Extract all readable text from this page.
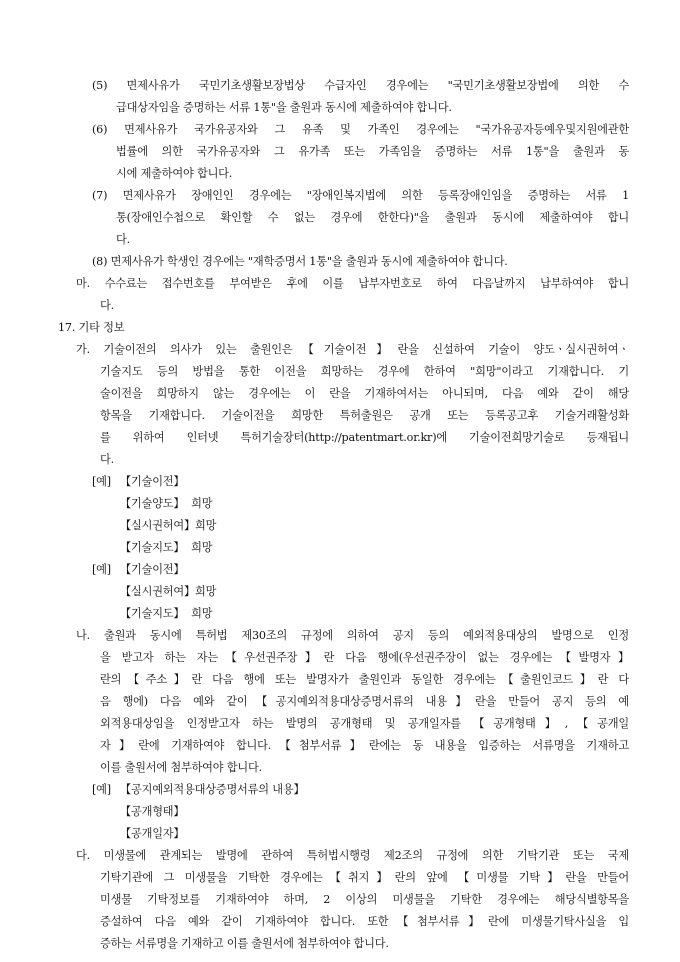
(5) 면제사유가 국민기초생활보장법상 수급자인 경우에는 "국민기초생활보장법에 의한 수
급대상자임을 증명하는 서류 1통"을 출원과 동시에 제출하여야 합니다.
(6) 면제사유가 국가유공자와 그 유족 및 가족인 경우에는 "국가유공자등예우및지원에관한
법률에 의한 국가유공자와 그 유가족 또는 가족임을 증명하는 서류 1통"을 출원과 동
시에 제출하여야 합니다.
(7) 면제사유가 장애인인 경우에는 "장애인복지법에 의한 등록장애인임을 증명하는 서류 1
통(장애인수첩으로 확인할 수 없는 경우에 한한다)"을 출원과 동시에 제출하여야 합니
다.
(8) 면제사유가 학생인 경우에는 "재학증명서 1통"을 출원과 동시에 제출하여야 합니다.
마. 수수료는 접수번호를 부여받은 후에 이를 납부자번호로 하여 다음날까지 납부하여야 합니
다.
17. 기타 정보
가. 기술이전의 의사가 있는 출원인은【기술이전】란을 신설하여 기술이 양도ㆍ실시권허여ㆍ
기술지도 등의 방법을 통한 이전을 희망하는 경우에 한하여 "희망"이라고 기재합니다. 기
술이전을 희망하지 않는 경우에는 이 란을 기재하여서는 아니되며, 다음 예와 같이 해당
항목을 기재합니다. 기술이전을 희망한 특허출원은 공개 또는 등록공고후 기술거래활성화
를 위하여 인터넷 특허기술장터(http://patentmart.or.kr)에 기술이전희망기술로 등재됩니
다.
[예] 【기술이전】
【기술양도】  희망
【실시권허여】희망
【기술지도】  희망
[예] 【기술이전】
【실시권허여】희망
【기술지도】  희망
나. 출원과 동시에 특허법 제30조의 규정에 의하여 공지 등의 예외적용대상의 발명으로 인정
을 받고자 하는 자는【우선권주장】란 다음 행에(우선권주장이 없는 경우에는【발명자】
란의【주소】란 다음 행에 또는 발명자가 출원인과 동일한 경우에는【출원인코드】란 다
음 행에) 다음 예와 같이【공지예외적용대상증명서류의 내용】란을 만들어 공지 등의 예
외적용대상임을 인정받고자 하는 발명의 공개형태 및 공개일자를 【공개형태】,【공개일
자】란에 기재하여야 합니다.【첨부서류】란에는 동 내용을 입증하는 서류명을 기재하고
이를 출원서에 첨부하여야 합니다.
[예] 【공지예외적용대상증명서류의 내용】
【공개형태】
【공개일자】
다. 미생물에 관계되는 발명에 관하여 특허법시행령 제2조의 규정에 의한 기탁기관 또는 국제
기탁기관에 그 미생물을 기탁한 경우에는【취지】란의 앞에 【미생물 기탁】란을 만들어
미생물 기탁정보를 기재하여야 하며, 2 이상의 미생물을 기탁한 경우에는 해당식별항목을
증설하여 다음 예와 같이 기재하여야 합니다. 또한【첨부서류】란에 미생물기탁사실을 입
증하는 서류명을 기재하고 이를 출원서에 첨부하여야 합니다.
